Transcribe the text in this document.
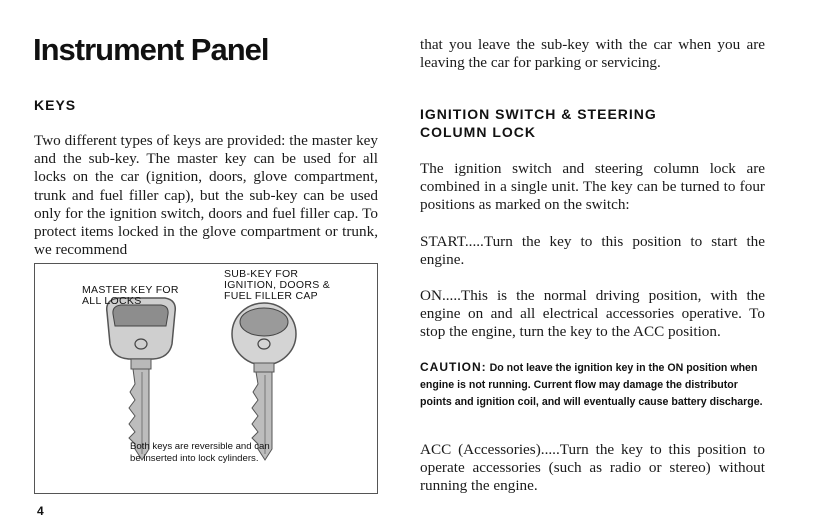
Instrument Panel
KEYS

Two different types of keys are provided: the master key and the sub-key. The master key can be used for all locks on the car (ignition, doors, glove compartment, trunk and fuel filler cap), but the sub-key can be used only for the ignition switch, doors and fuel filler cap. To protect items locked in the glove compartment or trunk, we recommend

MASTER KEY FOR
ALL LOCKS
SUB-KEY FOR
IGNITION, DOORS &
FUEL FILLER CAP
Both keys are reversible and can
be inserted into lock cylinders.
4

that you leave the sub-key with the car when you are leaving the car for parking or servicing.

IGNITION SWITCH & STEERING
COLUMN LOCK

The ignition switch and steering column lock are combined in a single unit. The key can be turned to four positions as marked on the switch:

START.....Turn the key to this position to start the engine.

ON.....This is the normal driving position, with the engine on and all electrical accessories operative. To stop the engine, turn the key to the ACC position.

CAUTION: Do not leave the ignition key in the ON position when engine is not running. Current flow may damage the distributor points and ignition coil, and will eventually cause battery discharge.

ACC (Accessories).....Turn the key to this position to operate accessories (such as radio or stereo) without running the engine.
